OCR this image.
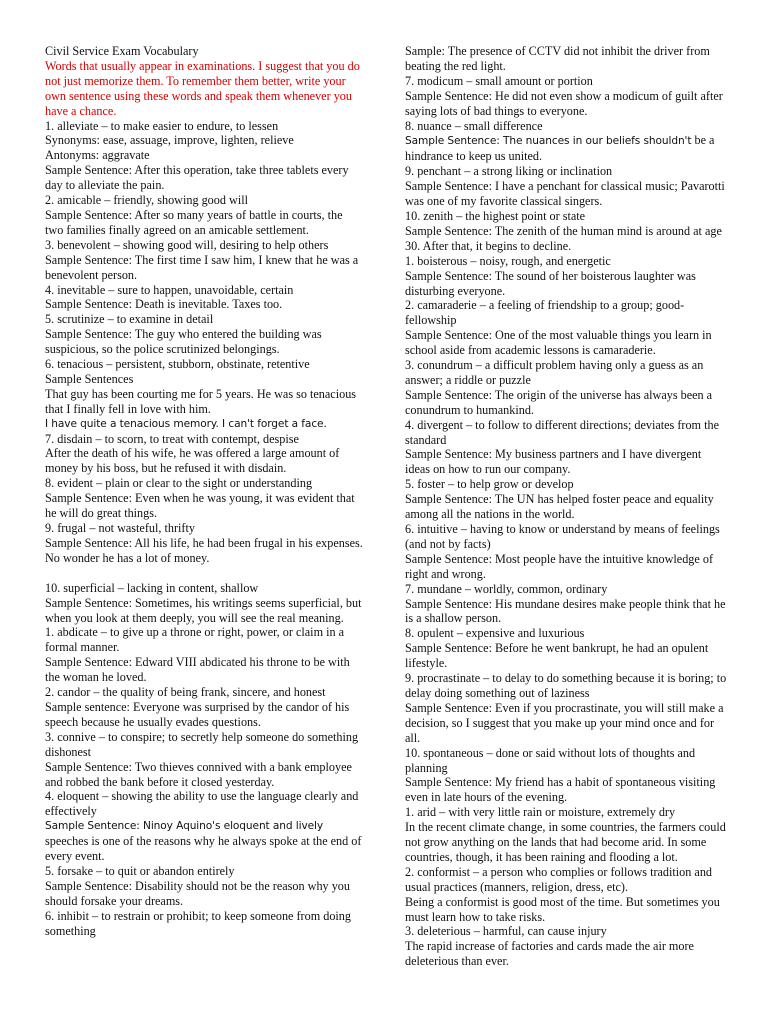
Civil Service Exam Vocabulary

Words that usually appear in examinations. I suggest that you do not just memorize them. To remember them better, write your own sentence using these words and speak them whenever you have a chance.

1. alleviate – to make easier to endure, to lessen

Synonyms: ease, assuage, improve, lighten, relieve

Antonyms: aggravate

Sample Sentence: After this operation, take three tablets every day to alleviate the pain.

2. amicable – friendly, showing good will

Sample Sentence: After so many years of battle in courts, the two families finally agreed on an amicable settlement.

3. benevolent – showing good will, desiring to help others

Sample Sentence: The first time I saw him, I knew that he was a benevolent person.

4. inevitable – sure to happen, unavoidable, certain

Sample Sentence: Death is inevitable. Taxes too.

5. scrutinize – to examine in detail

Sample Sentence: The guy who entered the building was suspicious, so the police scrutinized belongings.

6. tenacious – persistent, stubborn, obstinate, retentive

Sample Sentences

That guy has been courting me for 5 years. He was so tenacious that I finally fell in love with him.

I have quite a tenacious memory. I can't forget a face.

7. disdain – to scorn, to treat with contempt, despise

After the death of his wife, he was offered a large amount of money by his boss, but he refused it with disdain.

8. evident – plain or clear to the sight or understanding

Sample Sentence: Even when he was young, it was evident that he will do great things.

9. frugal – not wasteful, thrifty

Sample Sentence: All his life, he had been frugal in his expenses. No wonder he has a lot of money.

10. superficial – lacking in content, shallow

Sample Sentence: Sometimes, his writings seems superficial, but when you look at them deeply, you will see the real meaning.

1. abdicate – to give up a throne or right, power, or claim in a formal manner.

Sample Sentence: Edward VIII abdicated his throne to be with the woman he loved.

2. candor – the quality of being frank, sincere, and honest

Sample sentence: Everyone was surprised by the candor of his speech because he usually evades questions.

3. connive – to conspire; to secretly help someone do something dishonest

Sample Sentence: Two thieves connived with a bank employee and robbed the bank before it closed yesterday.

4. eloquent – showing the ability to use the language clearly and effectively

Sample Sentence: Ninoy Aquino's eloquent and lively

speeches is one of the reasons why he always spoke at the end of every event.

5. forsake – to quit or abandon entirely

Sample Sentence: Disability should not be the reason why you should forsake your dreams.

6. inhibit – to restrain or prohibit; to keep someone from doing something

Sample: The presence of CCTV did not inhibit the driver from beating the red light.

7. modicum – small amount or portion

Sample Sentence: He did not even show a modicum of guilt after saying lots of bad things to everyone.

8. nuance – small difference

Sample Sentence: The nuances in our beliefs shouldn't be a hindrance to keep us united.

9. penchant – a strong liking or inclination

Sample Sentence: I have a penchant for classical music; Pavarotti was one of my favorite classical singers.

10. zenith – the highest point or state

Sample Sentence: The zenith of the human mind is around at age 30. After that, it begins to decline.

1. boisterous – noisy, rough, and energetic

Sample Sentence: The sound of her boisterous laughter was disturbing everyone.

2. camaraderie – a feeling of friendship to a group; good-fellowship

Sample Sentence: One of the most valuable things you learn in school aside from academic lessons is camaraderie.

3. conundrum – a difficult problem having only a guess as an answer; a riddle or puzzle

Sample Sentence: The origin of the universe has always been a conundrum to humankind.

4. divergent – to follow to different directions; deviates from the standard

Sample Sentence: My business partners and I have divergent ideas on how to run our company.

5. foster – to help grow or develop

Sample Sentence: The UN has helped foster peace and equality among all the nations in the world.

6. intuitive – having to know or understand by means of feelings (and not by facts)

Sample Sentence: Most people have the intuitive knowledge of right and wrong.

7. mundane – worldly, common, ordinary

Sample Sentence: His mundane desires make people think that he is a shallow person.

8. opulent – expensive and luxurious

Sample Sentence: Before he went bankrupt, he had an opulent lifestyle.

9. procrastinate – to delay to do something because it is boring; to delay doing something out of laziness

Sample Sentence: Even if you procrastinate, you will still make a decision, so I suggest that you make up your mind once and for all.

10. spontaneous – done or said without lots of thoughts and planning

Sample Sentence: My friend has a habit of spontaneous visiting even in late hours of the evening.

1. arid – with very little rain or moisture, extremely dry

In the recent climate change, in some countries, the farmers could not grow anything on the lands that had become arid. In some countries, though, it has been raining and flooding a lot.

2. conformist – a person who complies or follows tradition and usual practices (manners, religion, dress, etc).

Being a conformist is good most of the time. But sometimes you must learn how to take risks.

3. deleterious – harmful, can cause injury

The rapid increase of factories and cards made the air more deleterious than ever.
